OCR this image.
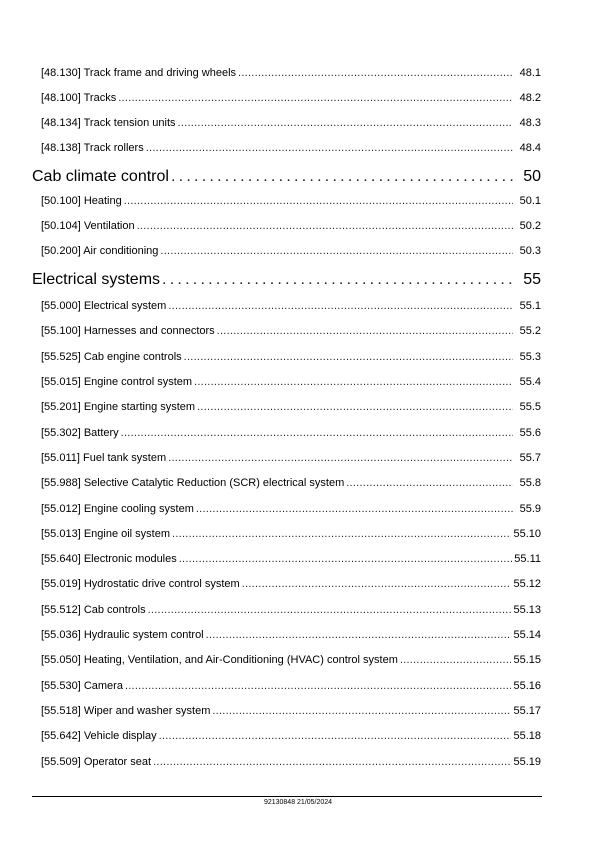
[48.130] Track frame and driving wheels . . .	48.1
[48.100] Tracks . . .	48.2
[48.134] Track tension units . . .	48.3
[48.138] Track rollers . . .	48.4
Cab climate control . . .	50
[50.100] Heating . . .	50.1
[50.104] Ventilation . . .	50.2
[50.200] Air conditioning . . .	50.3
Electrical systems . . .	55
[55.000] Electrical system . . .	55.1
[55.100] Harnesses and connectors . . .	55.2
[55.525] Cab engine controls . . .	55.3
[55.015] Engine control system . . .	55.4
[55.201] Engine starting system . . .	55.5
[55.302] Battery . . .	55.6
[55.011] Fuel tank system . . .	55.7
[55.988] Selective Catalytic Reduction (SCR) electrical system . . .	55.8
[55.012] Engine cooling system . . .	55.9
[55.013] Engine oil system . . .	55.10
[55.640] Electronic modules . . .	55.11
[55.019] Hydrostatic drive control system . . .	55.12
[55.512] Cab controls . . .	55.13
[55.036] Hydraulic system control . . .	55.14
[55.050] Heating, Ventilation, and Air-Conditioning (HVAC) control system . . .	55.15
[55.530] Camera . . .	55.16
[55.518] Wiper and washer system . . .	55.17
[55.642] Vehicle display . . .	55.18
[55.509] Operator seat . . .	55.19
92130848 21/05/2024
